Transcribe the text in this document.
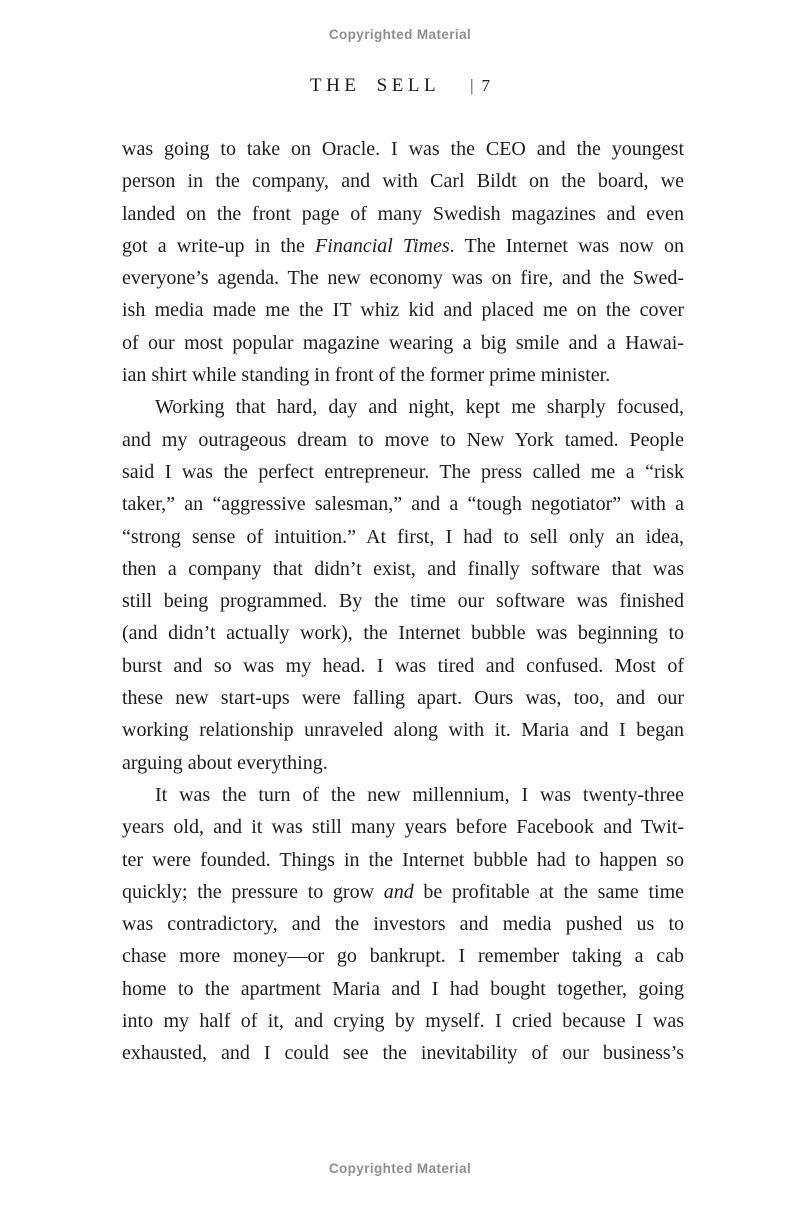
Copyrighted Material
THE SELL | 7
was going to take on Oracle. I was the CEO and the youngest
person in the company, and with Carl Bildt on the board, we
landed on the front page of many Swedish magazines and even
got a write-up in the Financial Times. The Internet was now on
everyone’s agenda. The new economy was on fire, and the Swed-
ish media made me the IT whiz kid and placed me on the cover
of our most popular magazine wearing a big smile and a Hawai-
ian shirt while standing in front of the former prime minister.
Working that hard, day and night, kept me sharply focused,
and my outrageous dream to move to New York tamed. People
said I was the perfect entrepreneur. The press called me a “risk
taker,” an “aggressive salesman,” and a “tough negotiator” with a
“strong sense of intuition.” At first, I had to sell only an idea,
then a company that didn’t exist, and finally software that was
still being programmed. By the time our software was finished
(and didn’t actually work), the Internet bubble was beginning to
burst and so was my head. I was tired and confused. Most of
these new start-ups were falling apart. Ours was, too, and our
working relationship unraveled along with it. Maria and I began
arguing about everything.
It was the turn of the new millennium, I was twenty-three
years old, and it was still many years before Facebook and Twit-
ter were founded. Things in the Internet bubble had to happen so
quickly; the pressure to grow and be profitable at the same time
was contradictory, and the investors and media pushed us to
chase more money—or go bankrupt. I remember taking a cab
home to the apartment Maria and I had bought together, going
into my half of it, and crying by myself. I cried because I was
exhausted, and I could see the inevitability of our business’s
Copyrighted Material
